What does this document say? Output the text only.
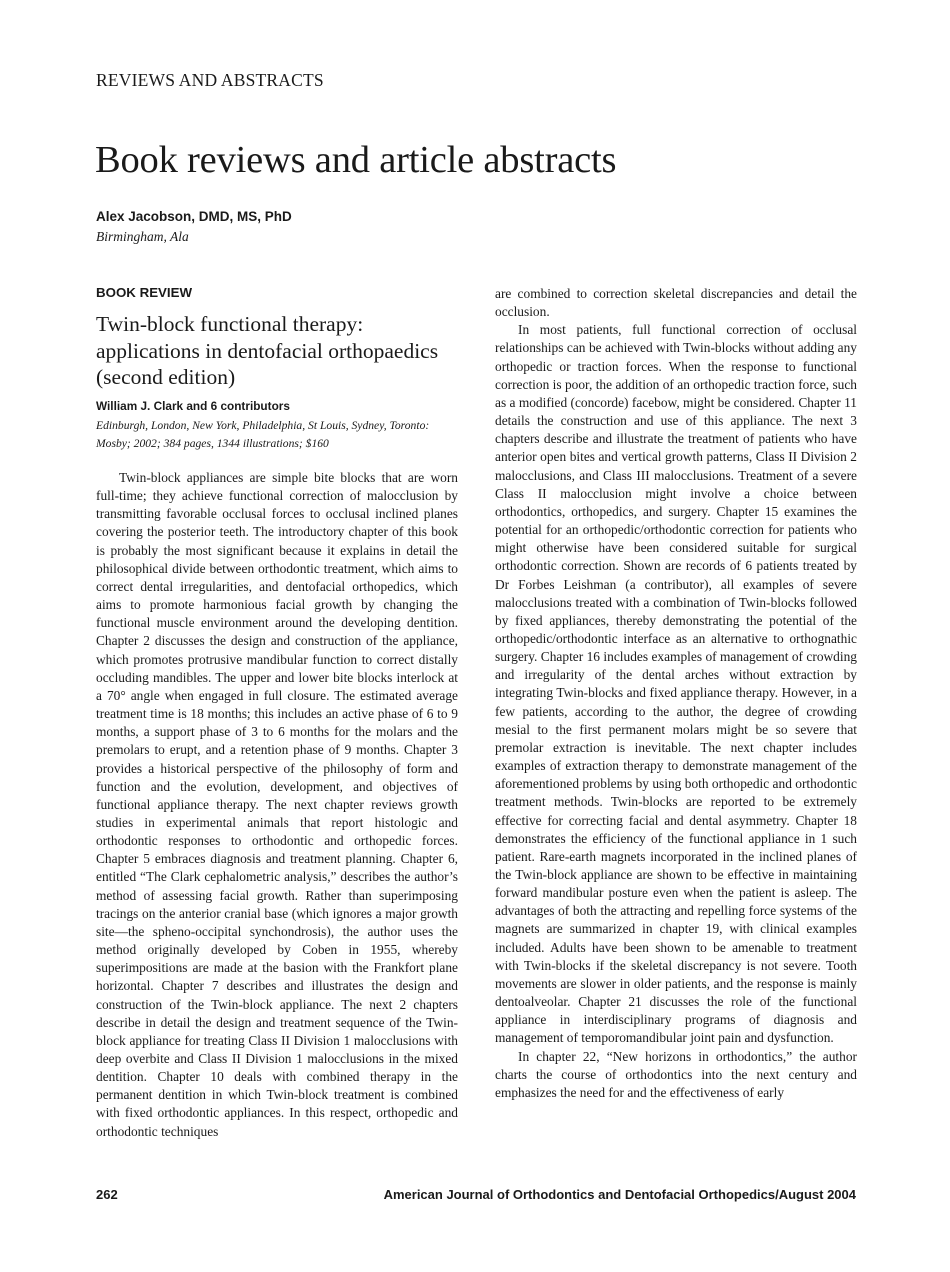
REVIEWS AND ABSTRACTS
Book reviews and article abstracts
Alex Jacobson, DMD, MS, PhD
Birmingham, Ala
BOOK REVIEW
Twin-block functional therapy: applications in dentofacial orthopaedics (second edition)
William J. Clark and 6 contributors
Edinburgh, London, New York, Philadelphia, St Louis, Sydney, Toronto: Mosby; 2002; 384 pages, 1344 illustrations; $160

Twin-block appliances are simple bite blocks that are worn full-time; they achieve functional correction of malocclusion by transmitting favorable occlusal forces to occlusal inclined planes covering the posterior teeth. The introductory chapter of this book is probably the most significant because it explains in detail the philosophical divide between orthodontic treatment, which aims to correct dental irregularities, and dentofacial orthopedics, which aims to promote harmonious facial growth by changing the functional muscle environment around the developing dentition. Chapter 2 discusses the design and construction of the appliance, which promotes protrusive mandibular function to correct distally occluding mandibles. The upper and lower bite blocks interlock at a 70° angle when engaged in full closure. The estimated average treatment time is 18 months; this includes an active phase of 6 to 9 months, a support phase of 3 to 6 months for the molars and the premolars to erupt, and a retention phase of 9 months. Chapter 3 provides a historical perspective of the philosophy of form and function and the evolution, development, and objectives of functional appliance therapy. The next chapter reviews growth studies in experimental animals that report histologic and orthodontic responses to orthodontic and orthopedic forces. Chapter 5 embraces diagnosis and treatment planning. Chapter 6, entitled “The Clark cephalometric analysis,” describes the author’s method of assessing facial growth. Rather than superimposing tracings on the anterior cranial base (which ignores a major growth site—the spheno-occipital synchondrosis), the author uses the method originally developed by Coben in 1955, whereby superimpositions are made at the basion with the Frankfort plane horizontal. Chapter 7 describes and illustrates the design and construction of the Twin-block appliance. The next 2 chapters describe in detail the design and treatment sequence of the Twin-block appliance for treating Class II Division 1 malocclusions with deep overbite and Class II Division 1 malocclusions in the mixed dentition. Chapter 10 deals with combined therapy in the permanent dentition in which Twin-block treatment is combined with fixed orthodontic appliances. In this respect, orthopedic and orthodontic techniques

are combined to correction skeletal discrepancies and detail the occlusion.

In most patients, full functional correction of occlusal relationships can be achieved with Twin-blocks without adding any orthopedic or traction forces. When the response to functional correction is poor, the addition of an orthopedic traction force, such as a modified (concorde) facebow, might be considered. Chapter 11 details the construction and use of this appliance. The next 3 chapters describe and illustrate the treatment of patients who have anterior open bites and vertical growth patterns, Class II Division 2 malocclusions, and Class III malocclusions. Treatment of a severe Class II malocclusion might involve a choice between orthodontics, orthopedics, and surgery. Chapter 15 examines the potential for an orthopedic/orthodontic correction for patients who might otherwise have been considered suitable for surgical orthodontic correction. Shown are records of 6 patients treated by Dr Forbes Leishman (a contributor), all examples of severe malocclusions treated with a combination of Twin-blocks followed by fixed appliances, thereby demonstrating the potential of the orthopedic/orthodontic interface as an alternative to orthognathic surgery. Chapter 16 includes examples of management of crowding and irregularity of the dental arches without extraction by integrating Twin-blocks and fixed appliance therapy. However, in a few patients, according to the author, the degree of crowding mesial to the first permanent molars might be so severe that premolar extraction is inevitable. The next chapter includes examples of extraction therapy to demonstrate management of the aforementioned problems by using both orthopedic and orthodontic treatment methods. Twin-blocks are reported to be extremely effective for correcting facial and dental asymmetry. Chapter 18 demonstrates the efficiency of the functional appliance in 1 such patient. Rare-earth magnets incorporated in the inclined planes of the Twin-block appliance are shown to be effective in maintaining forward mandibular posture even when the patient is asleep. The advantages of both the attracting and repelling force systems of the magnets are summarized in chapter 19, with clinical examples included. Adults have been shown to be amenable to treatment with Twin-blocks if the skeletal discrepancy is not severe. Tooth movements are slower in older patients, and the response is mainly dentoalveolar. Chapter 21 discusses the role of the functional appliance in interdisciplinary programs of diagnosis and management of temporomandibular joint pain and dysfunction.

In chapter 22, “New horizons in orthodontics,” the author charts the course of orthodontics into the next century and emphasizes the need for and the effectiveness of early

262	American Journal of Orthodontics and Dentofacial Orthopedics/August 2004
